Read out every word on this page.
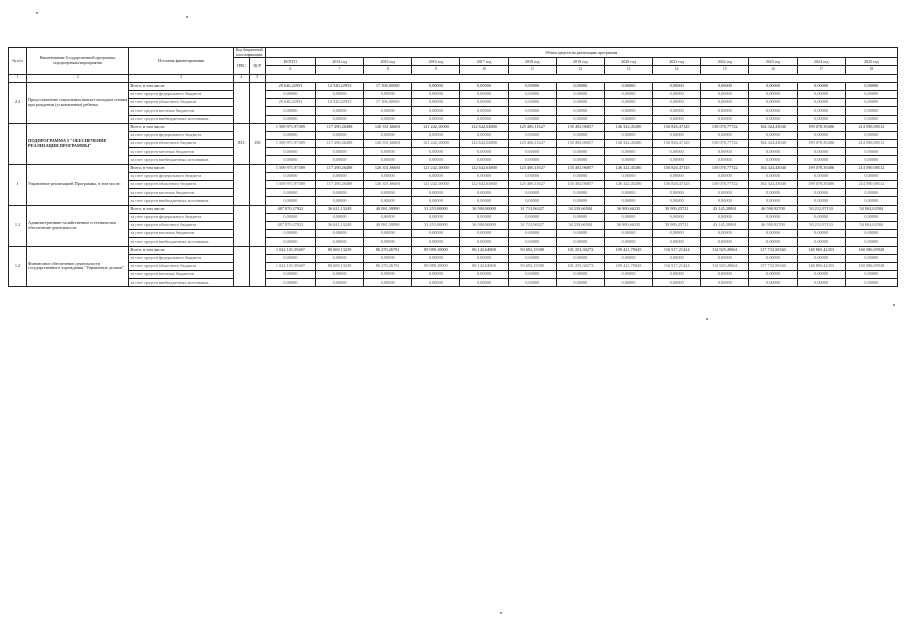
№ п/п	Наименование Государственной программы, подпрограммы/мероприятия	Источник финансирования	Код бюджетной классификации		Объем средств на реализацию программы												
			ГРБС	ЦСР	ВСЕГО	2014 год	2015 год	2016 год	2017 год	2018 год	2019 год	2020 год	2021 год	2022 год	2023 год	2024 год	2025 год
					6	7	8	9	10	11	12	13	14	15	16	17	18
1	2	3	4	5													
2.3	Предоставление социальных выплат молодым семьям при рождении (усыновлении) ребенка	Всего, в том числе:			29 626,22953	12 520,22953	17 106,00000	0,00000	0,00000	0,00000	0,00000	0,00000	0,00000	0,00000	0,00000	0,00000	0,00000
		за счет средств федерального бюджета			0,00000	0,00000	0,00000	0,00000	0,00000	0,00000	0,00000	0,00000	0,00000	0,00000	0,00000	0,00000	0,00000
		за счет средств областного бюджета			29 626,22953	12 520,22953	17 106,00000	0,00000	0,00000	0,00000	0,00000	0,00000	0,00000	0,00000	0,00000	0,00000	0,00000
		за счет средств местных бюджетов			0,00000	0,00000	0,00000	0,00000	0,00000	0,00000	0,00000	0,00000	0,00000	0,00000	0,00000	0,00000	0,00000
		за счет средств внебюджетных источников			0,00000	0,00000	0,00000	0,00000	0,00000	0,00000	0,00000	0,00000	0,00000	0,00000	0,00000	0,00000	0,00000
	ПОДПРОГРАММА 5 "ОБЕСПЕЧЕНИЕ РЕАЛИЗАЦИИ ПРОГРАММЫ"	Всего, в том числе:	833	150	1 509 971,97389	117 290,26488	126 351,66681	121 242,10000	122 642,64800	125 406,11627	135 492,96857	146 322,45280	156 826,47145	158 070,77722	164 324,43040	199 078,39486	214 590,08512
		за счет средств федерального бюджета			0,00000	0,00000	0,00000	0,00000	0,00000	0,00000	0,00000	0,00000	0,00000	0,00000	0,00000	0,00000	0,00000
		за счет средств областного бюджета			1 509 971,97389	117 290,26488	126 351,66681	121 242,10000	122 642,64800	125 406,11627	135 492,96857	146 322,45280	156 826,47145	158 070,77722	164 324,43040	199 078,39486	214 590,08512
		за счет средств местных бюджетов			0,00000	0,00000	0,00000	0,00000	0,00000	0,00000	0,00000	0,00000	0,00000	0,00000	0,00000	0,00000	0,00000
		за счет средств внебюджетных источников			0,00000	0,00000	0,00000	0,00000	0,00000	0,00000	0,00000	0,00000	0,00000	0,00000	0,00000	0,00000	0,00000
1	Управление реализацией Программы, в том числе:	Всего, в том числе:			1 509 971,97389	117 290,26488	126 351,66681	121 242,10000	122 642,64800	125 406,11627	135 492,96857	146 322,45280	156 826,47145	158 070,77722	164 324,43040	199 078,39486	214 590,08512
		за счет средств федерального бюджета			0,00000	0,00000	0,00000	0,00000	0,00000	0,00000	0,00000	0,00000	0,00000	0,00000	0,00000	0,00000	0,00000
		за счет средств областного бюджета			1 509 971,97389	117 290,26488	126 351,66681	121 242,10000	122 642,64800	125 406,11627	135 492,96857	146 322,45280	156 826,47145	158 070,77722	164 324,43040	199 078,39486	214 590,08512
		за счет средств местных бюджетов			0,00000	0,00000	0,00000	0,00000	0,00000	0,00000	0,00000	0,00000	0,00000	0,00000	0,00000	0,00000	0,00000
		за счет средств внебюджетных источников			0,00000	0,00000	0,00000	0,00000	0,00000	0,00000	0,00000	0,00000	0,00000	0,00000	0,00000	0,00000	0,00000
1.1	Административно-хозяйственное и техническое обеспечение деятельности	Всего, в том числе:			487 870,37922	36 621,13249	40 081,39890	31 253,00000	36 500,00000	31 713,96327	34 239,66584	36 900,66235	39 909,25721	43 145,28061	46 590,92700	50 212,97133	54 004,02584
		за счет средств федерального бюджета			0,00000	0,00000	0,00000	0,00000	0,00000	0,00000	0,00000	0,00000	0,00000	0,00000	0,00000	0,00000	0,00000
		за счет средств областного бюджета			487 870,37922	36 621,13249	40 081,39890	31 253,00000	36 500,00000	31 713,96327	34 239,66584	36 900,66235	39 909,25721	43 145,28061	46 590,92700	50 212,97133	54 004,02584
		за счет средств местных бюджетов			0,00000	0,00000	0,00000	0,00000	0,00000	0,00000	0,00000	0,00000	0,00000	0,00000	0,00000	0,00000	0,00000
		за счет средств внебюджетных источников			0,00000	0,00000	0,00000	0,00000	0,00000	0,00000	0,00000	0,00000	0,00000	0,00000	0,00000	0,00000	0,00000
1.2	Финансовое обеспечение деятельности государственного учреждения "Управление делами"	Всего, в том числе:			1 022 101,59467	80 669,13239	86 270,26791	89 989,10000	86 142,64800	93 692,15300	101 253,30273	109 421,79045	116 917,21424	114 925,49661	117 733,50340	148 865,42353	160 586,05928
		за счет средств федерального бюджета			0,00000	0,00000	0,00000	0,00000	0,00000	0,00000	0,00000	0,00000	0,00000	0,00000	0,00000	0,00000	0,00000
		за счет средств областного бюджета			1 022 101,59467	80 669,13239	86 270,26791	89 989,10000	86 142,64800	93 692,15300	101 253,30273	109 421,79045	116 917,21424	114 925,49661	117 733,50340	148 865,42353	160 586,05928
		за счет средств местных бюджетов			0,00000	0,00000	0,00000	0,00000	0,00000	0,00000	0,00000	0,00000	0,00000	0,00000	0,00000	0,00000	0,00000
		за счет средств внебюджетных источников			0,00000	0,00000	0,00000	0,00000	0,00000	0,00000	0,00000	0,00000	0,00000	0,00000	0,00000	0,00000	0,00000
